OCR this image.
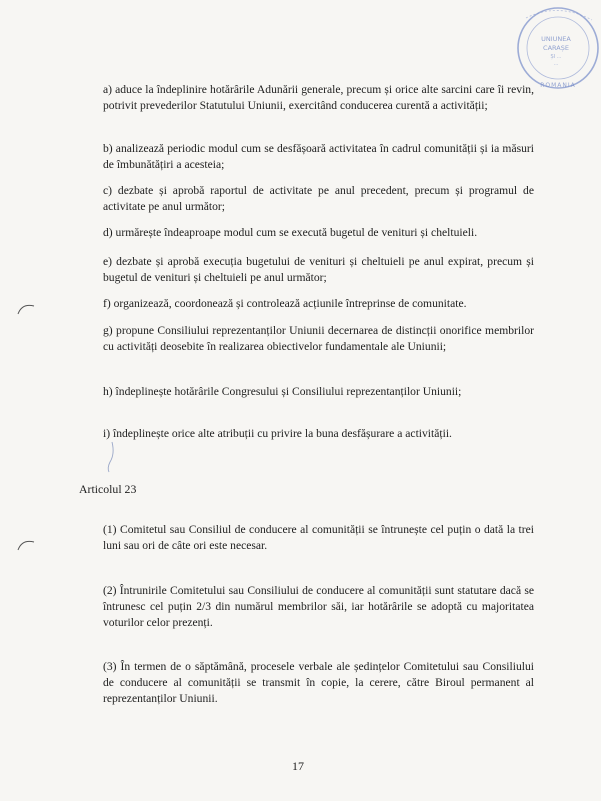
UNIUNEA
CARAȘE
ȘI ...
...
ROMANIA

a) aduce la îndeplinire hotărârile Adunării generale, precum și orice alte sarcini care îi revin, potrivit prevederilor Statutului Uniunii, exercitând conducerea curentă a activității;

b) analizează periodic modul cum se desfășoară activitatea în cadrul comunității și ia măsuri de îmbunătățiri a acesteia;

c) dezbate și aprobă raportul de activitate pe anul precedent, precum și programul de activitate pe anul următor;

d) urmărește îndeaproape modul cum se execută bugetul de venituri și cheltuieli.

e) dezbate și aprobă execuția bugetului de venituri și cheltuieli pe anul expirat, precum și bugetul de venituri și cheltuieli pe anul următor;

f) organizează, coordonează și controlează acțiunile întreprinse de comunitate.

g) propune Consiliului reprezentanților Uniunii decernarea de distincții onorifice membrilor cu activități deosebite în realizarea obiectivelor fundamentale ale Uniunii;

h) îndeplinește hotărârile Congresului și Consiliului reprezentanților Uniunii;

i) îndeplinește orice alte atribuții cu privire la buna desfășurare a activității.

Articolul 23

(1) Comitetul sau Consiliul de conducere al comunității se întrunește cel puțin o dată la trei luni sau ori de câte ori este necesar.

(2) Întrunirile Comitetului sau Consiliului de conducere al comunității sunt statutare dacă se întrunesc cel puțin 2/3 din numărul membrilor săi, iar hotărârile se adoptă cu majoritatea voturilor celor prezenți.

(3) În termen de o săptămână, procesele verbale ale ședințelor Comitetului sau Consiliului de conducere al comunității se transmit în copie, la cerere, către Biroul permanent al reprezentanților Uniunii.

17
